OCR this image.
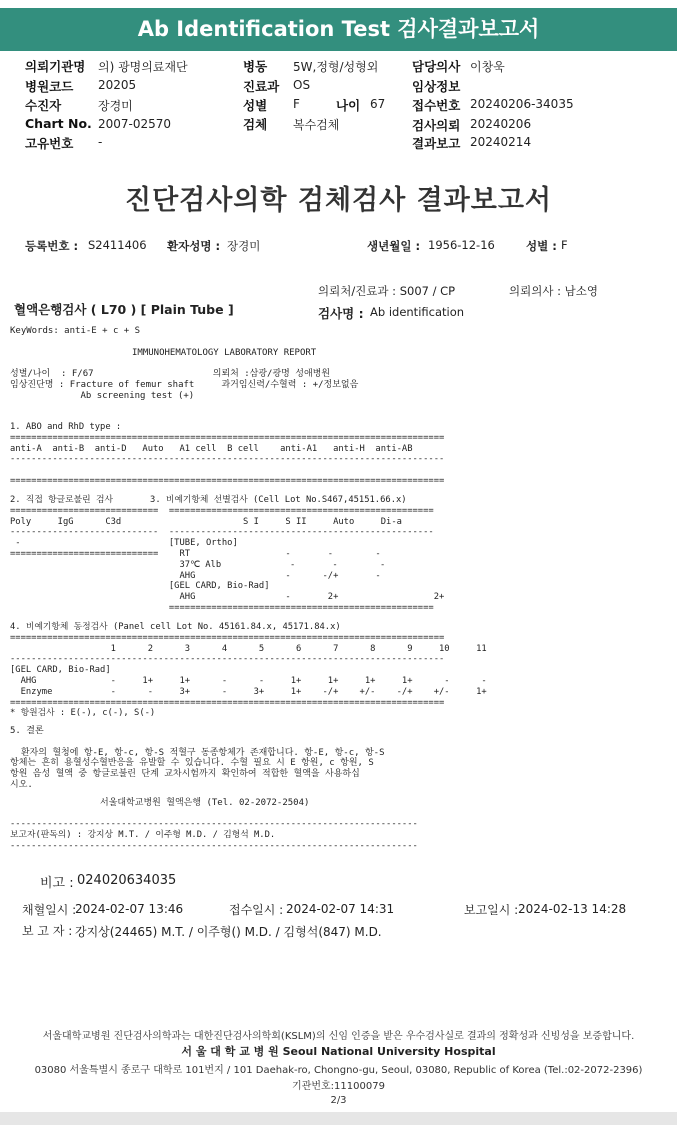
Ab Identification Test 검사결과보고서
의뢰기관명 의) 광명의료재단
병원코드 20205
수진자	장경미
Chart No. 2007-02570
고유번호 -
병동 5W,정형/성형외
진료과 OS
성별 F	나이 67
검체 복수검체
담당의사 이창욱
임상정보
접수번호 20240206-34035
검사의뢰 20240206
결과보고 20240214
진단검사의학 검체검사 결과보고서
등록번호 : S2411406 환자성명 : 장경미	생년월일 : 1956-12-16	성별 : F
의뢰처/진료과 : S007 / CP	의뢰의사 : 남소영
혈액은행검사 ( L70 ) [ Plain Tube ]	검사명 : Ab identification
KeyWords: anti-E + c + S
IMMUNOHEMATOLOGY LABORATORY REPORT
성별/나이  : F/67                      의뢰처 :삼광/광명 성애병원
임상진단명 : Fracture of femur shaft     과거임신력/수혈력 : +/정보없음
Ab screening test (+)
1. ABO and RhD type :
==================================================================================
anti-A  anti-B  anti-D   Auto   A1 cell  B cell    anti-A1   anti-H  anti-AB
----------------------------------------------------------------------------------

==================================================================================
2. 직접 항글로불린 검사       3. 비예기항체 선별검사 (Cell Lot No.S467,45151.66.x)
============================  ==================================================
Poly     IgG      C3d                       S I     S II     Auto     Di-a
----------------------------  --------------------------------------------------
-                            [TUBE, Ortho]
============================    RT                  -       -        -
37℃ Alb             -       -        -
AHG                 -      -/+       -
[GEL CARD, Bio-Rad]
AHG                 -       2+                  2+
==================================================
4. 비예기항체 동정검사 (Panel cell Lot No. 45161.84.x, 45171.84.x)
==================================================================================
1      2      3      4      5      6      7      8      9     10     11
----------------------------------------------------------------------------------
[GEL CARD, Bio-Rad]
AHG              -     1+     1+      -      -     1+     1+     1+     1+      -      -
Enzyme           -      -     3+      -     3+     1+    -/+    +/-    -/+    +/-     1+
==================================================================================
* 항원검사 : E(-), c(-), S(-)
5. 결론

환자의 혈청에 항-E, 항-c, 항-S 적혈구 동종항체가 존재합니다. 항-E, 항-c, 항-S
항체는 흔히 용혈성수혈반응을 유발할 수 있습니다. 수혈 필요 시 E 항원, c 항원, S
항원 음성 혈액 중 항글로불린 단계 교차시험까지 확인하여 적합한 혈액을 사용하십
시오.
서울대학교병원 혈액은행 (Tel. 02-2072-2504)
-----------------------------------------------------------------------------
보고자(판독의) : 강지상 M.T. / 이주형 M.D. / 김형석 M.D.
-----------------------------------------------------------------------------
비고 : 024020634035
채혈일시 :
2024-02-07 13:46	접수일시 : 2024-02-07 14:31	보고일시 : 2024-02-13 14:28
보 고 자 : 강지상(24465) M.T. / 이주형() M.D. / 김형석(847) M.D.
서울대학교병원 진단검사의학과는 대한진단검사의학회(KSLM)의 신임 인증을 받은 우수검사실로 결과의 정확성과 신빙성을 보증합니다.
서 울 대 학 교 병 원 Seoul National University Hospital
03080 서울특별시 종로구 대학로 101번지 / 101 Daehak-ro, Chongno-gu, Seoul, 03080, Republic of Korea (Tel.:02-2072-2396)
기관번호:11100079
2/3
